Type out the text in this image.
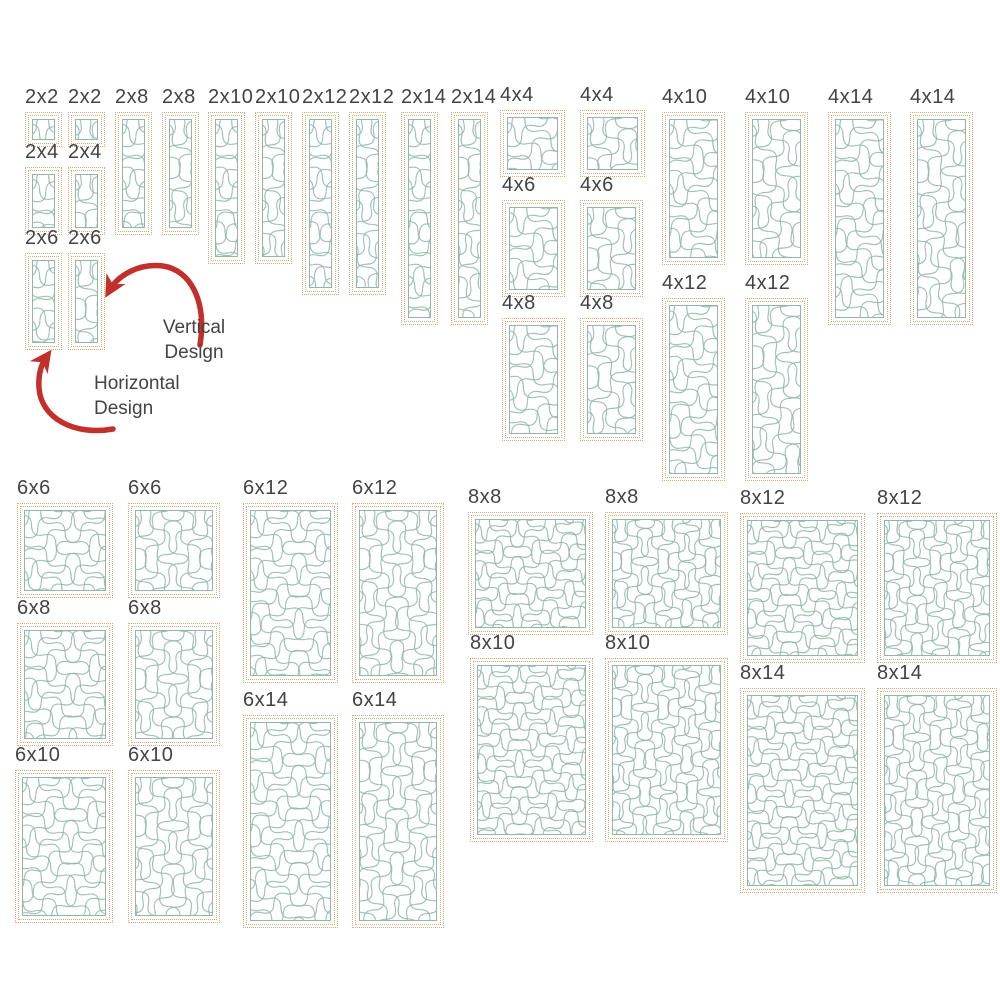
2x2 2x2 2x8 2x8 2x10 2x10 2x12 2x12 2x14 2x14 4x4 4x4 4x10 4x10 4x14 4x14
2x4 2x4
4x6 4x6
2x6 2x6
4x12 4x12
4x8 4x8
6x6	6x6	6x12	6x12	8x8	8x8	8x12	8x12
6x8	6x8
8x10	8x10
6x14	6x14
8x14	8x14
6x10	6x10
Vertical
Design
Horizontal
Design
